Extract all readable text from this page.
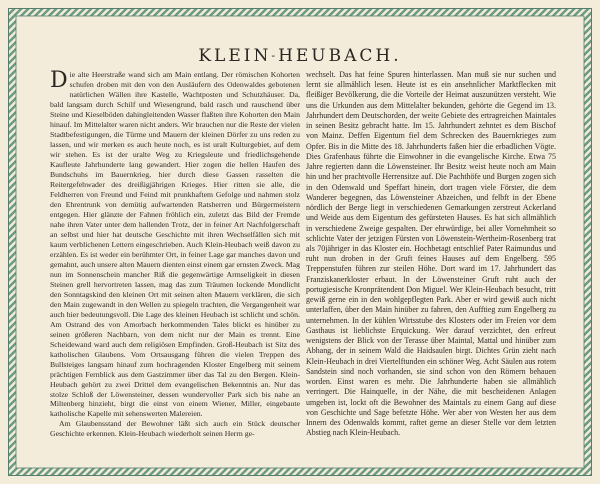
KLEIN-HEUBACH.

Die alte Heerstraße wand sich am Main entlang. Der römischen Kohorten schufen droben mit den von den Ausläufern des Odenwaldes gebotenen natürlichen Wällen ihre Kastelle, Wachtposten und Schutzhäuser. Da, bald langsam durch Schilf und Wiesengrund, bald rasch und rauschend über Steine und Kieselböden dahingleitenden Wasser flaßten ihre Kohorten den Main hinauf. Im Mittelalter waren nicht anders. Wir brauchen nur die Reste der vielen Stadtbefestigungen, die Türme und Mauern der kleinen Dörfer zu uns reden zu lassen, und wir merken es auch heute noch, es ist uralt Kulturgebiet, auf dem wir stehen. Es ist der uralte Weg zu Kriegsleute und friedlichsgehende Kaufleute Jahrhunderte lang gewandert. Hier zogen die hellen Haufen des Bundschuhs im Bauernkrieg, hier durch diese Gassen rasselten die Reitergefehwader des dreißigjährigen Krieges. Hier ritten sie alle, die Feldherren von Freund und Feind mit prunkhaftem Gefolge und nahmen stolz den Ehrentrunk von demütig aufwartenden Ratsherren und Bürgermeistern entgegen. Hier glänzte der Fahnen fröhlich ein, zuletzt das Bild der Fremde nahe ihren Vater unter dem hallenden Trotz, der in feiner Art Nachfolgerschaft an selbst und hier hat deutsche Geschichte mit ihren Wechselfällen sich mit kaum verblichenen Lettern eingeschrieben. Auch Klein-Heubach weiß davon zu erzählen. Es ist weder ein berühmter Ort, in feiner Lage gar manches davon und gemahnt, auch unsere alten Mauern dienten einst einem gar ernsten Zweck. Mag nun im Sonnenschein mancher Riß die gegenwärtige Armseligkeit in diesen Steinen grell hervortreten lassen, mag das zum Träumen lockende Mondlicht den Sonntagskind den kleinen Ort mit seinen alten Mauern verklären, die sich den Main zugewandt in den Wellen zu spiegeln trachten, die Vergangenheit war auch hier bedeutungsvoll. Die Lage des kleinen Heubach ist schlicht und schön. Am Ostrand des von Amorbach herkommenden Tales blickt es hinüber zu seinen größeren Nachbarn, von dem nicht nur der Main es trennt. Eine Scheidewand ward auch dem religiösen Empfinden. Groß-Heubach ist Sitz des katholischen Glaubens. Vom Ortsausgang führen die vielen Treppen des Bullsteiges langsam hinauf zum hochragenden Kloster Engelberg mit seinem prächtigen Fernblick aus dem Gastzimmer über das Tal zu den Bergen. Klein-Heubach gehört zu zwei Drittel dem evangelischen Bekenntnis an. Nur das stolze Schloß der Löwensteiner, dessen wundervoller Park sich bis nahe an Miltenberg hinzieht, birgt die einst von einem Wiener, Miller, eingebaute katholische Kapelle mit sehenswerten Malereien.

Am Glaubensstand der Bewohner läßt sich auch ein Stück deutscher Geschichte erkennen. Klein-Heubach wiederholt seinen Herrn ge-

wechselt. Das hat feine Spuren hinterlassen. Man muß sie nur suchen und lernt sie allmählich lesen. Heute ist es ein ansehnlicher Marktflecken mit fleißiger Bevölkerung, die die Vorteile der Heimat auszunützen versteht. Wie uns die Urkunden aus dem Mittelalter bekunden, gehörte die Gegend im 13. Jahrhundert dem Deutschorden, der weite Gebiete des ertragreichen Maintales in seinen Besitz gebracht hatte. Im 15. Jahrhundert zehntet es dem Bischof von Mainz. Deffen Eigentum fiel dem Schrecken des Bauernkrieges zum Opfer. Bis in die Mitte des 18. Jahrhunderts faßen hier die erbadlichen Vögte. Dies Grafenhaus führte die Einwohner in die evangelische Kirche. Etwa 75 Jahre regierten dann die Löwensteiner. Ihr Besitz weist heute noch am Main hin und her prachtvolle Herrensitze auf. Die Pachthöfe und Burgen zogen sich in den Odenwald und Speffart hinein, dort tragen viele Förster, die dem Wanderer begegnen, das Löwensteiner Abzeichen, und felbft in der Ebene nördlich der Berge liegt in verschiedenen Gemarkungen zerstreut Ackerland und Weide aus dem Eigentum des gefürsteten Hauses. Es hat sich allmählich in verschiedene Zweige gespalten. Der ehrwürdige, bei aller Vornehmheit so schlichte Vater der jetzigen Fürsten von Löwenstein-Wertheim-Rosenberg trat als 70jähriger in das Kloster ein. Hochbetagt entschlief Pater Raimundus und ruht nun droben in der Gruft feines Hauses auf dem Engelberg. 595 Treppenstufen führen zur steilen Höhe. Dort ward im 17. Jahrhundert das Franziskanerkloster erbaut. In der Löwensteiner Gruft ruht auch der portugiesische Kronprätendent Don Miguel. Wer Klein-Heubach besucht, tritt gewiß gerne ein in den wohlgepflegten Park. Aber er wird gewiß auch nicht unterlaffen, über den Main hinüber zu fahren, den Aufftieg zum Engelberg zu unternehmen. In der kühlen Wirtsstube des Klosters oder im Freien vor dem Gasthaus ist lieblichste Erquickung. Wer darauf verzichtet, den erfreut wenigstens der Blick von der Terasse über Maintal, Mattal und hinüber zum Abhang, der in seinem Wald die Haidsaulen birgt. Dichtes Grün zieht nach Klein-Heubach in drei Viertelftunden ein schöner Weg. Acht Säulen aus rotem Sandstein sind noch vorhanden, sie sind schon von den Römern behauen worden. Einst waren es mehr. Die Jahrhunderte haben sie allmählich verringert. Die Hainquelle, in der Nähe, die mit bescheidenen Anlagen umgeben ist, lockt oft die Bewohner des Maintals zu einem Gang auf diese von Geschichte und Sage befetzte Höhe. Wer aber von Westen her aus dem Innern des Odenwalds kommt, raftet gerne an dieser Stelle vor dem letzten Abstieg nach Klein-Heubach.
